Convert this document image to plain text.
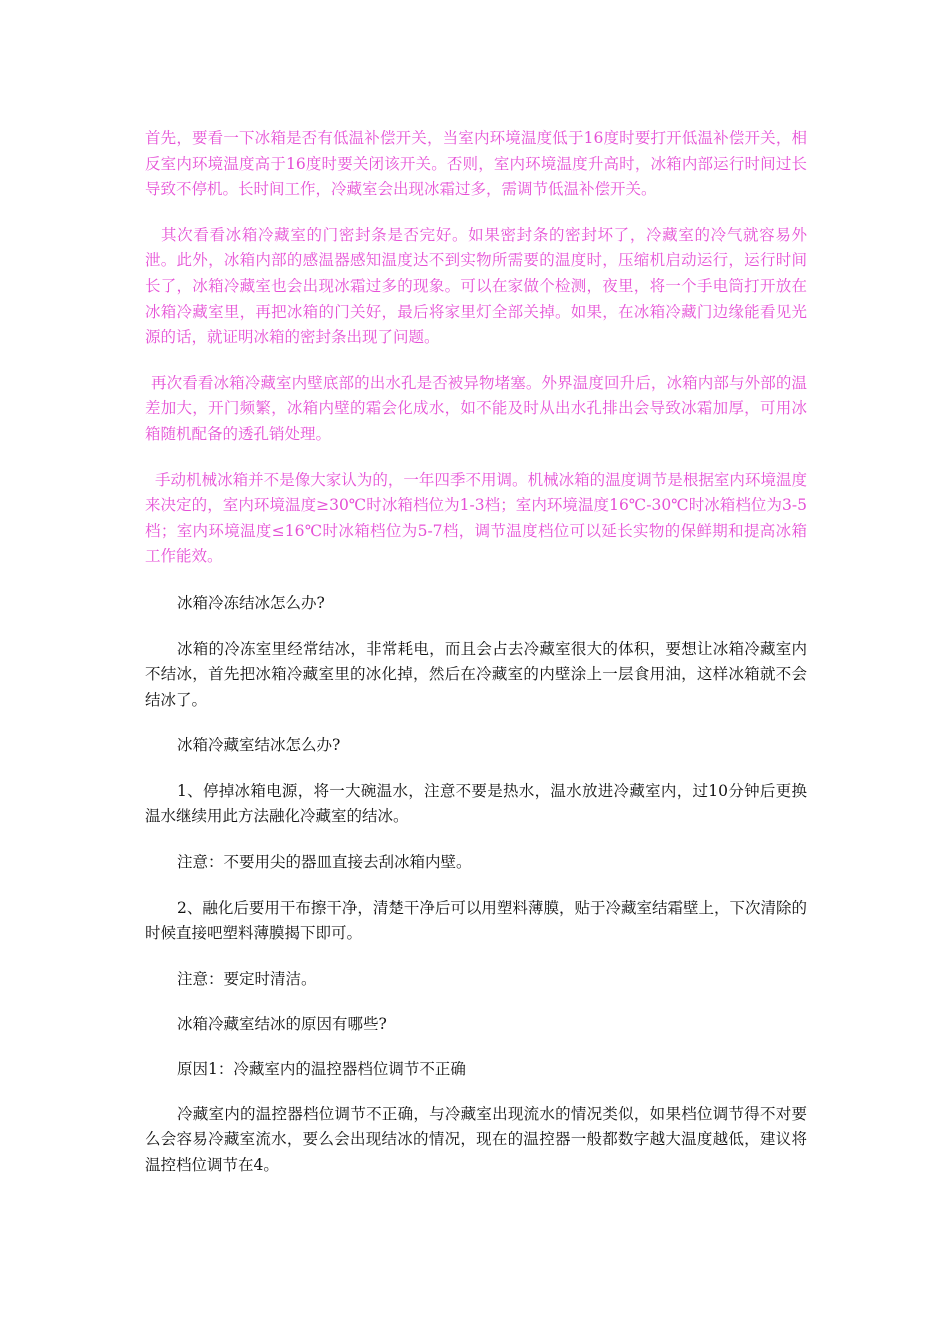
首先，要看一下冰箱是否有低温补偿开关，当室内环境温度低于16度时要打开低温补偿开关，相反室内环境温度高于16度时要关闭该开关。否则，室内环境温度升高时，冰箱内部运行时间过长导致不停机。长时间工作，冷藏室会出现冰霜过多，需调节低温补偿开关。

其次看看冰箱冷藏室的门密封条是否完好。如果密封条的密封坏了，冷藏室的冷气就容易外泄。此外，冰箱内部的感温器感知温度达不到实物所需要的温度时，压缩机启动运行，运行时间长了，冰箱冷藏室也会出现冰霜过多的现象。可以在家做个检测，夜里，将一个手电筒打开放在冰箱冷藏室里，再把冰箱的门关好，最后将家里灯全部关掉。如果，在冰箱冷藏门边缘能看见光源的话，就证明冰箱的密封条出现了问题。

再次看看冰箱冷藏室内壁底部的出水孔是否被异物堵塞。外界温度回升后，冰箱内部与外部的温差加大，开门频繁，冰箱内壁的霜会化成水，如不能及时从出水孔排出会导致冰霜加厚，可用冰箱随机配备的透孔销处理。

手动机械冰箱并不是像大家认为的，一年四季不用调。机械冰箱的温度调节是根据室内环境温度来决定的，室内环境温度≥30℃时冰箱档位为1-3档；室内环境温度16℃-30℃时冰箱档位为3-5档；室内环境温度≤16℃时冰箱档位为5-7档，调节温度档位可以延长实物的保鲜期和提高冰箱工作能效。

冰箱冷冻结冰怎么办?

冰箱的冷冻室里经常结冰，非常耗电，而且会占去冷藏室很大的体积，要想让冰箱冷藏室内不结冰，首先把冰箱冷藏室里的冰化掉，然后在冷藏室的内壁涂上一层食用油，这样冰箱就不会结冰了。

冰箱冷藏室结冰怎么办?

1、停掉冰箱电源，将一大碗温水，注意不要是热水，温水放进冷藏室内，过10分钟后更换温水继续用此方法融化冷藏室的结冰。

注意：不要用尖的器皿直接去刮冰箱内壁。

2、融化后要用干布擦干净，清楚干净后可以用塑料薄膜，贴于冷藏室结霜壁上，下次清除的时候直接吧塑料薄膜揭下即可。

注意：要定时清洁。

冰箱冷藏室结冰的原因有哪些?

原因1：冷藏室内的温控器档位调节不正确

冷藏室内的温控器档位调节不正确，与冷藏室出现流水的情况类似，如果档位调节得不对要么会容易冷藏室流水，要么会出现结冰的情况，现在的温控器一般都数字越大温度越低，建议将温控档位调节在4。
